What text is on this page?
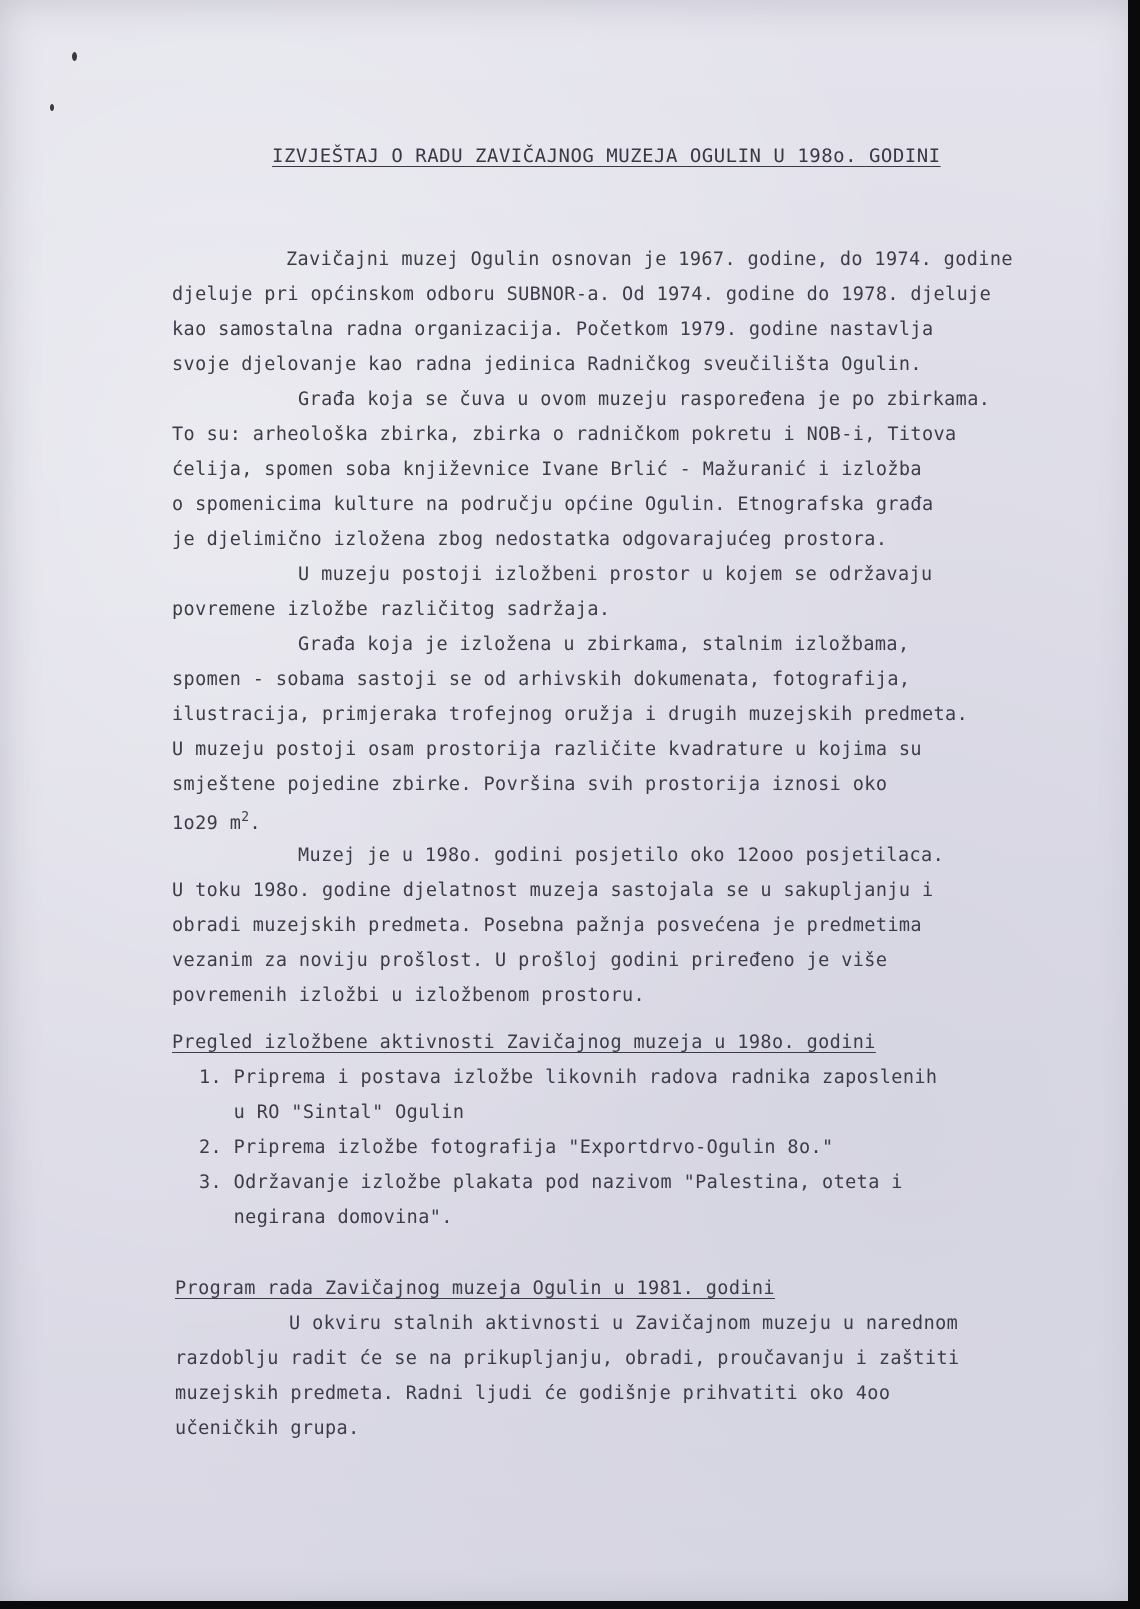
IZVJEŠTAJ O RADU ZAVIČAJNOG MUZEJA OGULIN U 198o. GODINI
Zavičajni muzej Ogulin osnovan je 1967. godine, do 1974. godine
djeluje pri općinskom odboru SUBNOR-a. Od 1974. godine do 1978. djeluje
kao samostalna radna organizacija. Početkom 1979. godine nastavlja
svoje djelovanje kao radna jedinica Radničkog sveučilišta Ogulin.
Građa koja se čuva u ovom muzeju raspoređena je po zbirkama.
To su: arheološka zbirka, zbirka o radničkom pokretu i NOB-i, Titova
ćelija, spomen soba književnice Ivane Brlić - Mažuranić i izložba
o spomenicima kulture na području općine Ogulin. Etnografska građa
je djelimično izložena zbog nedostatka odgovarajućeg prostora.
U muzeju postoji izložbeni prostor u kojem se održavaju
povremene izložbe različitog sadržaja.
Građa koja je izložena u zbirkama, stalnim izložbama,
spomen - sobama sastoji se od arhivskih dokumenata, fotografija,
ilustracija, primjeraka trofejnog oružja i drugih muzejskih predmeta.
U muzeju postoji osam prostorija različite kvadrature u kojima su
smještene pojedine zbirke. Površina svih prostorija iznosi oko
1o29 $m^2$.
Muzej je u 198o. godini posjetilo oko 12ooo posjetilaca.
U toku 198o. godine djelatnost muzeja sastojala se u sakupljanju i
obradi muzejskih predmeta. Posebna pažnja posvećena je predmetima
vezanim za noviju prošlost. U prošloj godini priređeno je više
povremenih izložbi u izložbenom prostoru.
Pregled izložbene aktivnosti Zavičajnog muzeja u 198o. godini
1. Priprema i postava izložbe likovnih radova radnika zaposlenih
u RO "Sintal" Ogulin
2. Priprema izložbe fotografija "Exportdrvo-Ogulin 8o."
3. Održavanje izložbe plakata pod nazivom "Palestina, oteta i
negirana domovina".
Program rada Zavičajnog muzeja Ogulin u 1981. godini
U okviru stalnih aktivnosti u Zavičajnom muzeju u narednom
razdoblju radit će se na prikupljanju, obradi, proučavanju i zaštiti
muzejskih predmeta. Radni ljudi će godišnje prihvatiti oko 4oo
učeničkih grupa.
